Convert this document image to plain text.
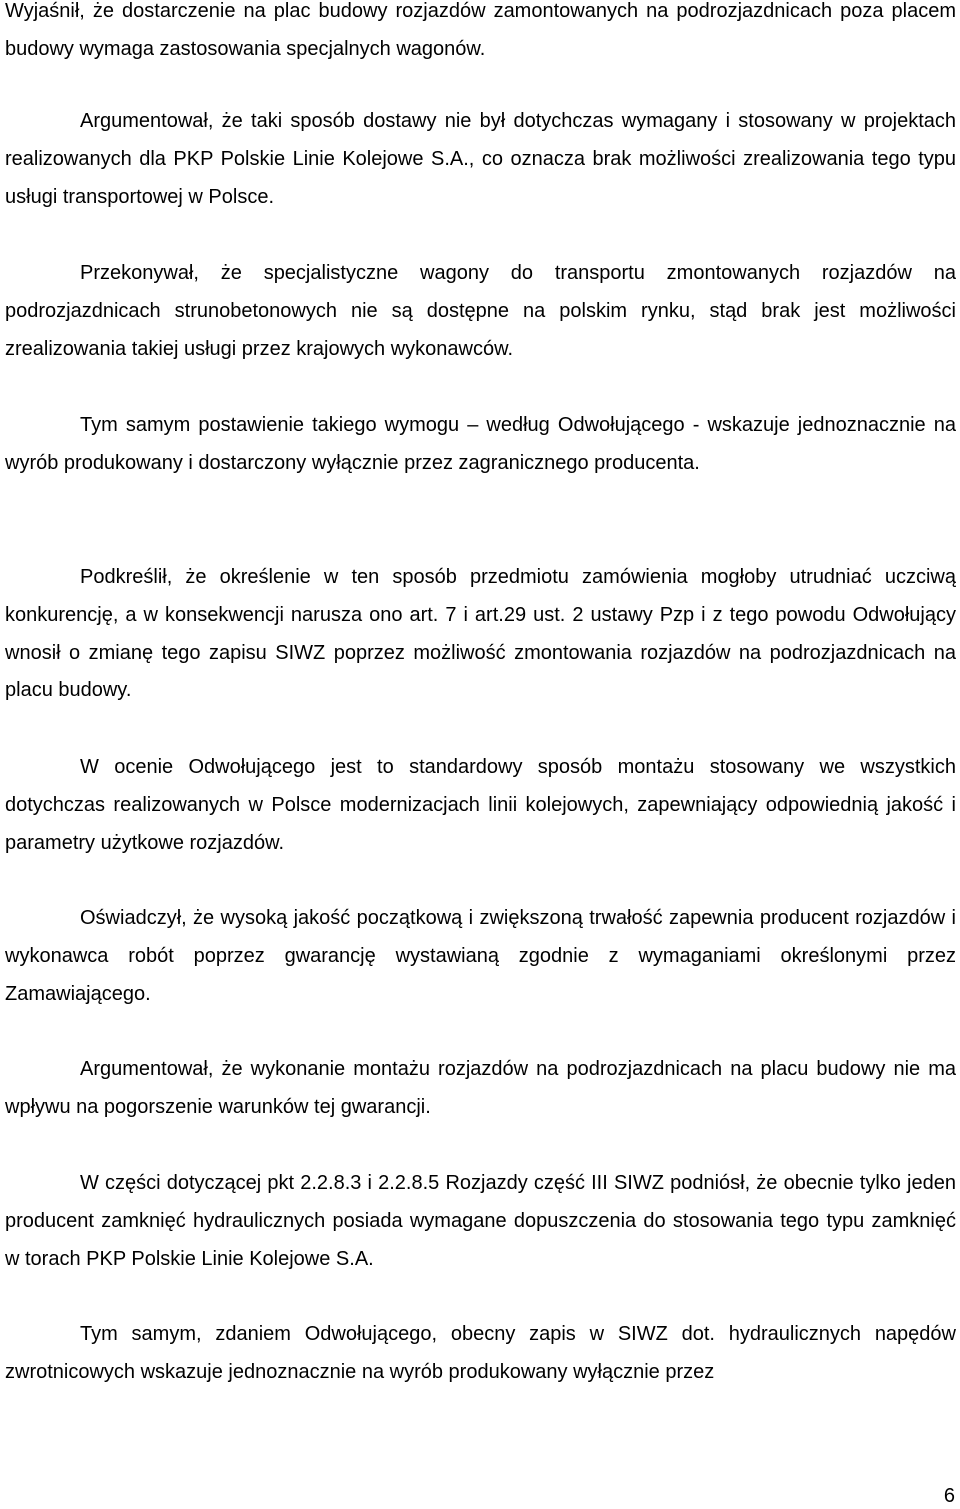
Wyjaśnił, że dostarczenie na plac budowy rozjazdów zamontowanych na podrozjazdnicach poza placem budowy wymaga zastosowania specjalnych wagonów.

Argumentował, że taki sposób dostawy nie był dotychczas wymagany i stosowany w projektach realizowanych dla PKP Polskie Linie Kolejowe S.A., co oznacza brak możliwości zrealizowania tego typu usługi transportowej w Polsce.

Przekonywał, że specjalistyczne wagony do transportu zmontowanych rozjazdów na podrozjazdnicach strunobetonowych nie są dostępne na polskim rynku, stąd brak jest możliwości zrealizowania takiej usługi przez krajowych wykonawców.

Tym samym postawienie takiego wymogu – według Odwołującego - wskazuje jednoznacznie na wyrób produkowany i dostarczony wyłącznie przez zagranicznego producenta.

Podkreślił, że określenie w ten sposób przedmiotu zamówienia mogłoby utrudniać uczciwą konkurencję, a w konsekwencji narusza ono art. 7 i art.29 ust. 2 ustawy Pzp i z tego powodu Odwołujący wnosił o zmianę tego zapisu SIWZ poprzez możliwość zmontowania rozjazdów na podrozjazdnicach na placu budowy.

W ocenie Odwołującego jest to standardowy sposób montażu stosowany we wszystkich dotychczas realizowanych w Polsce modernizacjach linii kolejowych, zapewniający odpowiednią jakość i parametry użytkowe rozjazdów.

Oświadczył, że wysoką jakość początkową i zwiększoną trwałość zapewnia producent rozjazdów i wykonawca robót poprzez gwarancję wystawianą zgodnie z wymaganiami określonymi przez Zamawiającego.

Argumentował, że wykonanie montażu rozjazdów na podrozjazdnicach na placu budowy nie ma wpływu na pogorszenie warunków tej gwarancji.

W części dotyczącej pkt 2.2.8.3 i 2.2.8.5 Rozjazdy część III SIWZ podniósł, że obecnie tylko jeden producent zamknięć hydraulicznych posiada wymagane dopuszczenia do stosowania tego typu zamknięć w torach PKP Polskie Linie Kolejowe S.A.

Tym samym, zdaniem Odwołującego, obecny zapis w SIWZ dot. hydraulicznych napędów zwrotnicowych wskazuje jednoznacznie na wyrób produkowany wyłącznie przez

6
